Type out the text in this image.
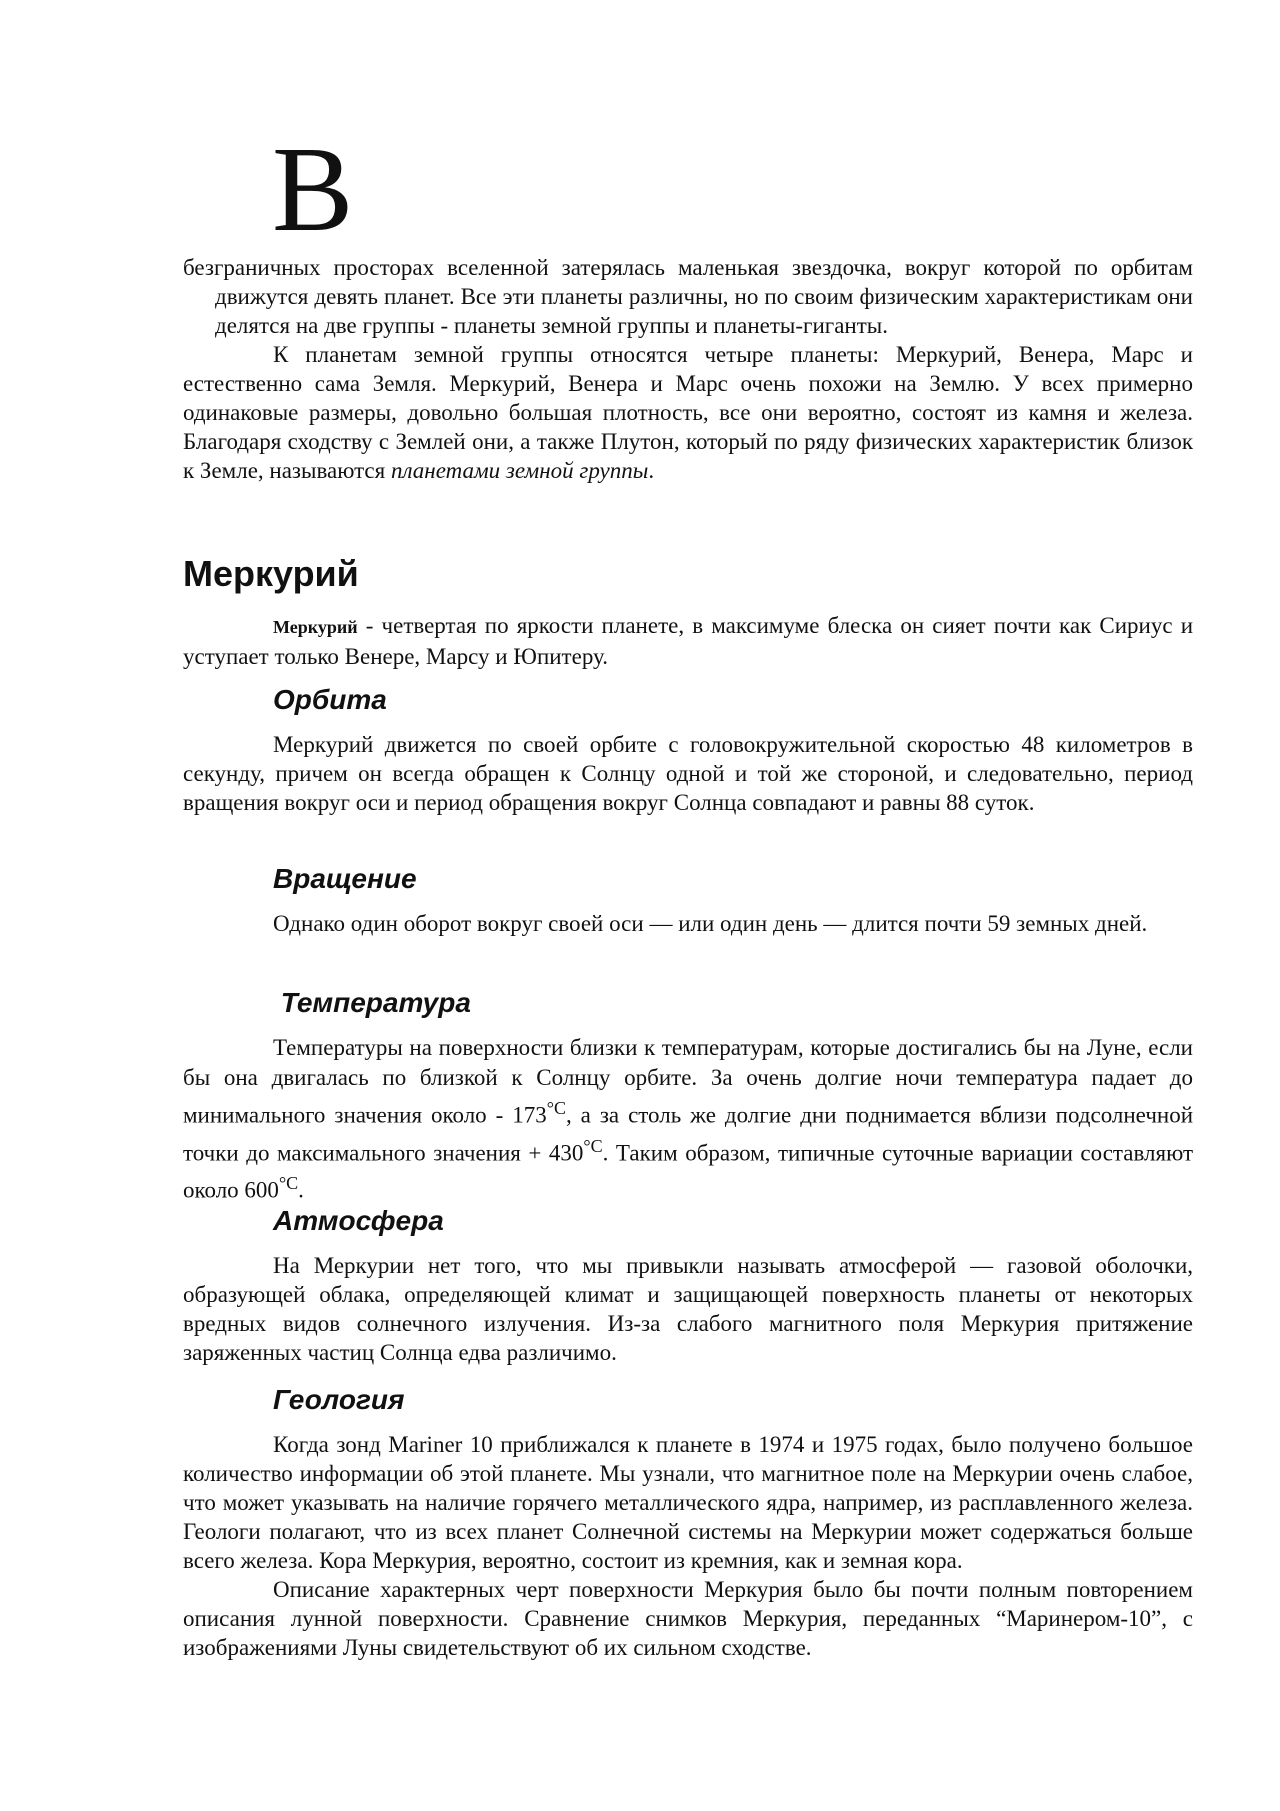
В

безграничных просторах вселенной затерялась маленькая звездочка, вокруг которой по орбитам движутся девять планет. Все эти планеты различны, но по своим физическим характеристикам они делятся на две группы - планеты земной группы и планеты-гиганты.

К планетам земной группы относятся четыре планеты: Меркурий, Венера, Марс и естественно сама Земля. Меркурий, Венера и Марс очень похожи на Землю. У всех примерно одинаковые размеры, довольно большая плотность, все они вероятно, состоят из камня и железа. Благодаря сходству с Землей они, а также Плутон, который по ряду физических характеристик близок к Земле, называются планетами земной группы.

Меркурий

Меркурий - четвертая по яркости планете, в максимуме блеска он сияет почти как Сириус и уступает только Венере, Марсу и Юпитеру.

Орбита

Меркурий движется по своей орбите с головокружительной скоростью 48 километров в секунду, причем он всегда обращен к Солнцу одной и той же стороной, и следовательно, период вращения вокруг оси и период обращения вокруг Солнца совпадают и равны 88 суток.

Вращение

Однако один оборот вокруг своей оси — или один день — длится почти 59 земных дней.

Температура

Температуры на поверхности близки к температурам, которые достигались бы на Луне, если бы она двигалась по близкой к Солнцу орбите. За очень долгие ночи температура падает до минимального значения около - $173^{^\circ С}$, а за столь же долгие дни поднимается вблизи подсолнечной точки до максимального значения + $430^{^\circ С}$. Таким образом, типичные суточные вариации составляют около $600^{^\circ С}$.

Атмосфера

На Меркурии нет того, что мы привыкли называть атмосферой — газовой оболочки, образующей облака, определяющей климат и защищающей поверхность планеты от некоторых вредных видов солнечного излучения. Из-за слабого магнитного поля Меркурия притяжение заряженных частиц Солнца едва различимо.

Геология

Когда зонд Mariner 10 приближался к планете в 1974 и 1975 годах, было получено большое количество информации об этой планете. Мы узнали, что магнитное поле на Меркурии очень слабое, что может указывать на наличие горячего металлического ядра, например, из расплавленного железа. Геологи полагают, что из всех планет Солнечной системы на Меркурии может содержаться больше всего железа. Кора Меркурия, вероятно, состоит из кремния, как и земная кора.

Описание характерных черт поверхности Меркурия было бы почти полным повторением описания лунной поверхности. Сравнение снимков Меркурия, переданных “Маринером-10”, с изображениями Луны свидетельствуют об их сильном сходстве.
